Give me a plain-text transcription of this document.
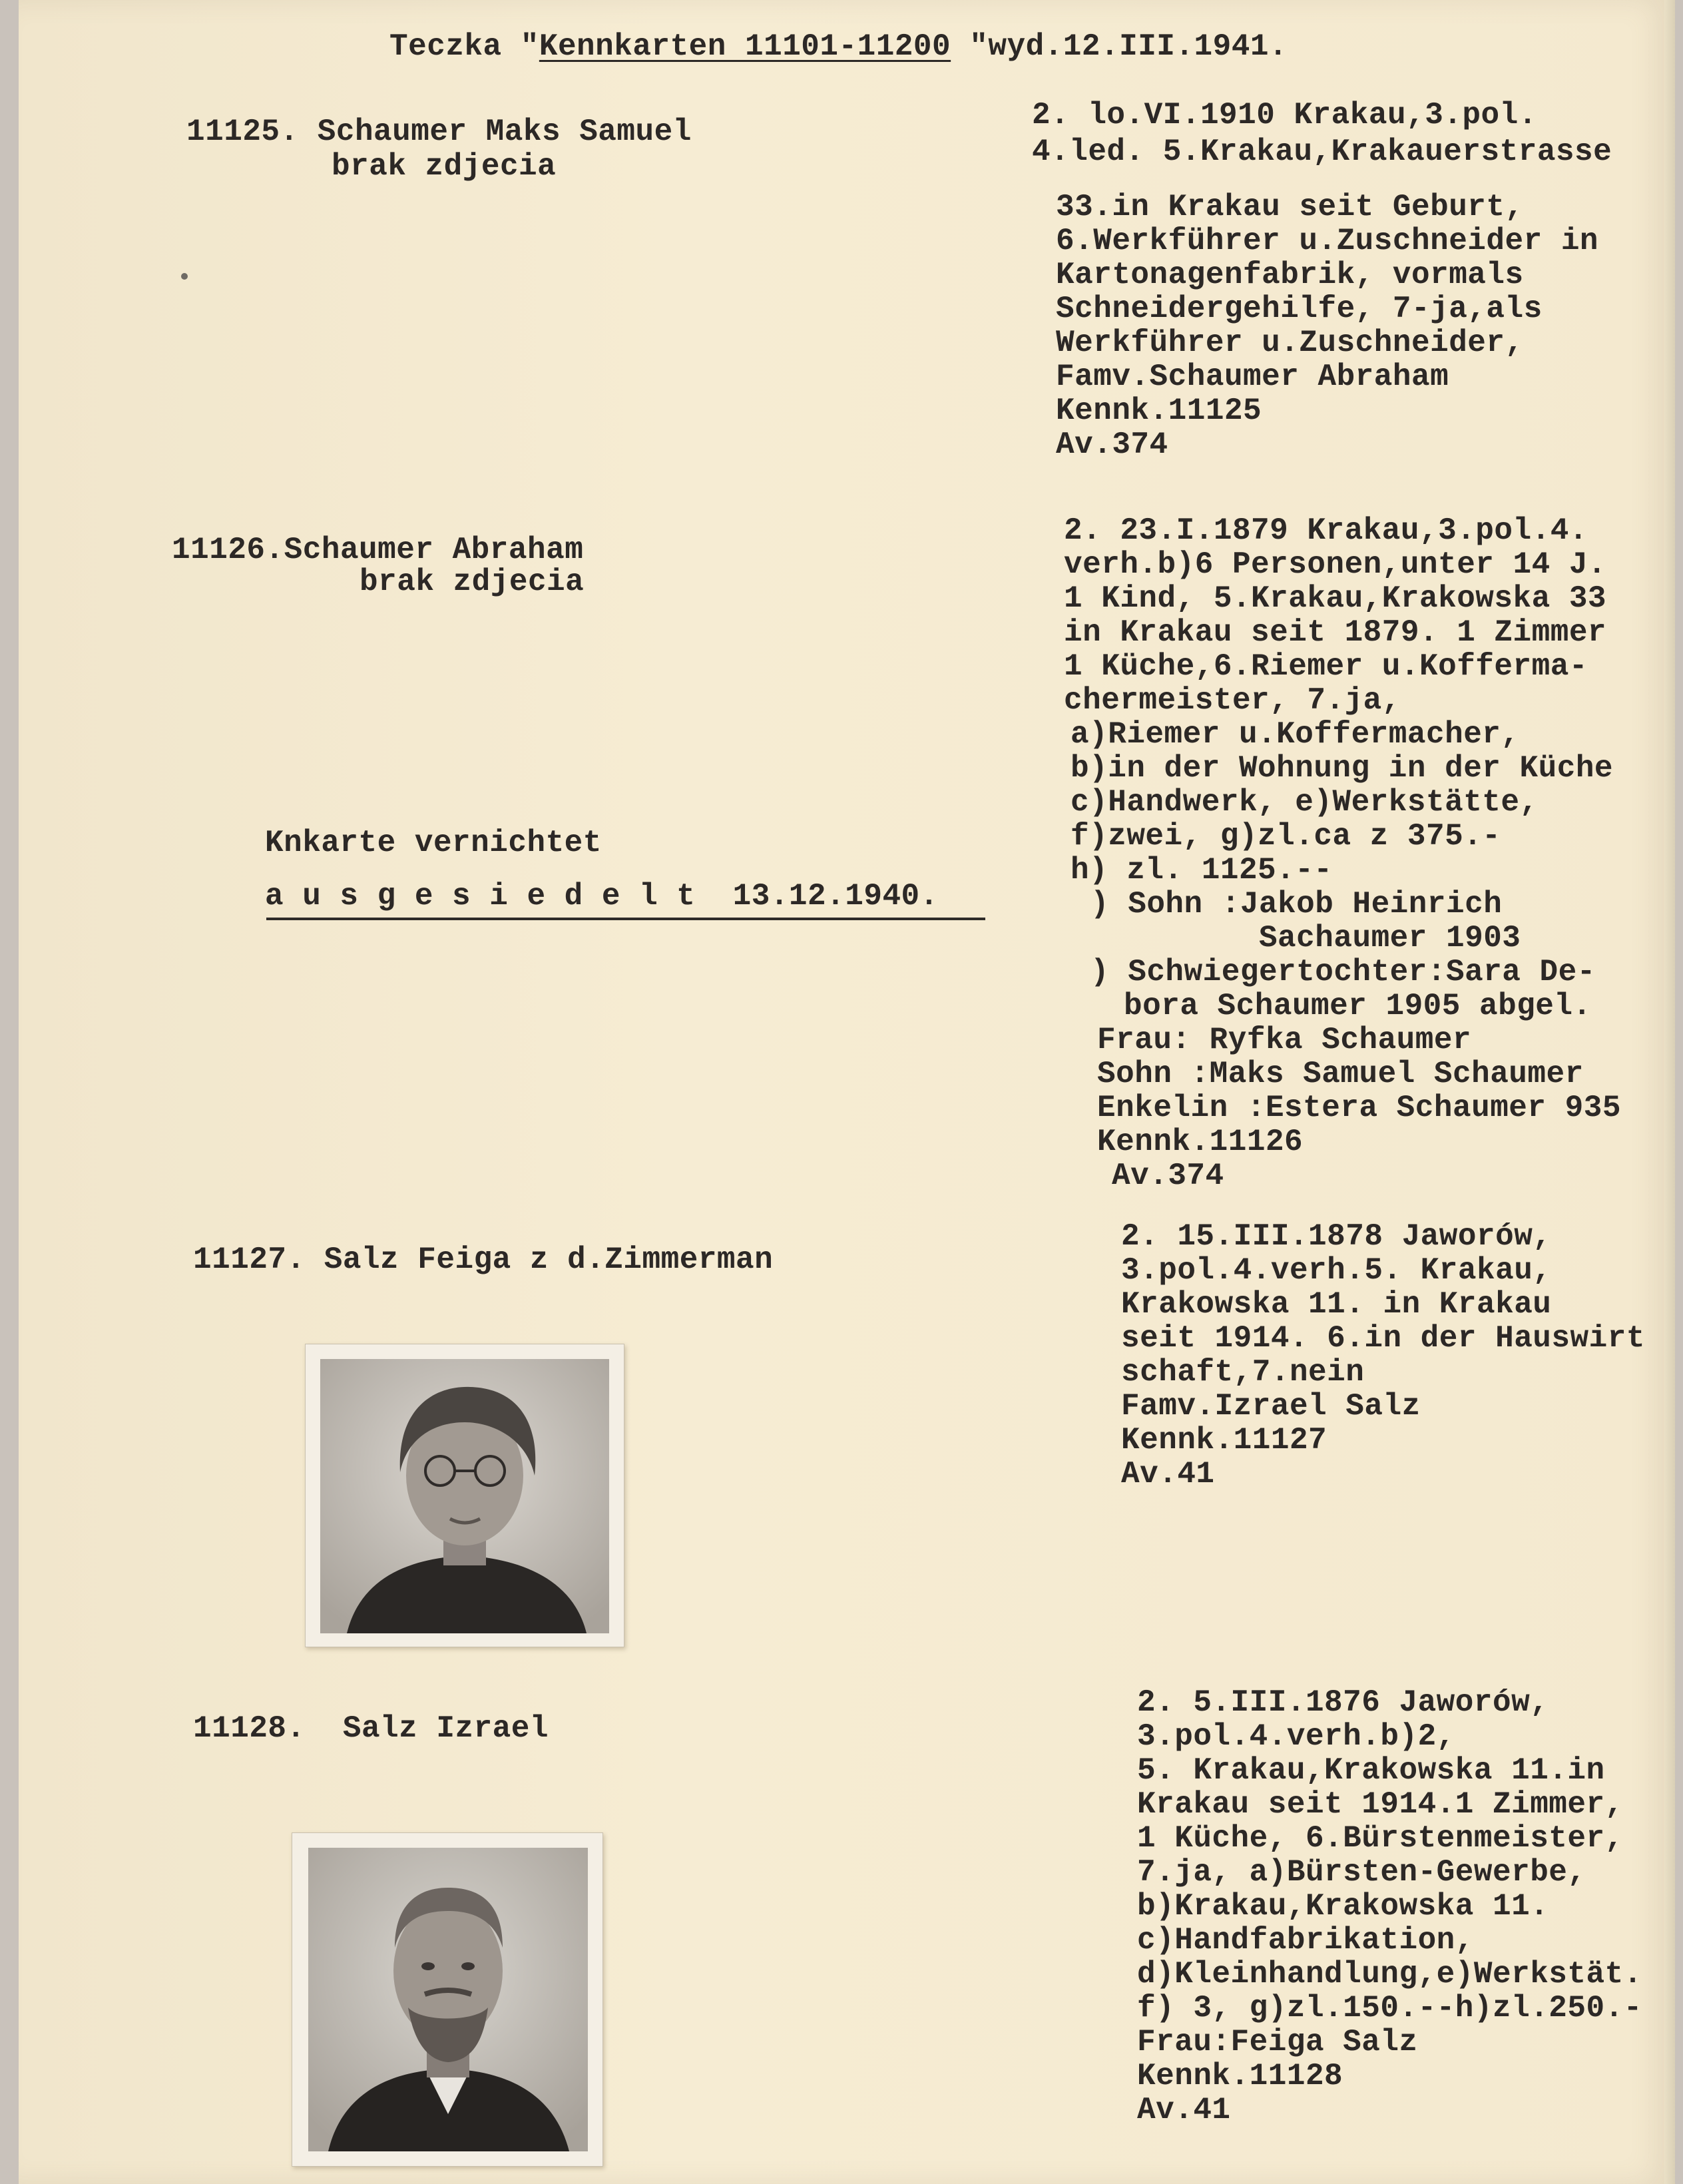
Teczka "Kennkarten 11101-11200 "wyd.12.III.1941.
11125. Schaumer Maks Samuel
brak zdjecia
2. lo.VI.1910 Krakau,3.pol.
4.led. 5.Krakau,Krakauerstrasse
33.in Krakau seit Geburt,
6.Werkführer u.Zuschneider in
Kartonagenfabrik, vormals
Schneidergehilfe, 7-ja,als
Werkführer u.Zuschneider,
Famv.Schaumer Abraham
Kennk.11125
Av.374
11126.Schaumer Abraham
brak zdjecia
Knkarte vernichtet
a u s g e s i e d e l t  13.12.1940.
2. 23.I.1879 Krakau,3.pol.4.
verh.b)6 Personen,unter 14 J.
1 Kind, 5.Krakau,Krakowska 33
in Krakau seit 1879. 1 Zimmer
1 Küche,6.Riemer u.Kofferma-
chermeister, 7.ja,
a)Riemer u.Koffermacher,
b)in der Wohnung in der Küche
c)Handwerk, e)Werkstätte,
f)zwei, g)zl.ca z 375.-
h) zl. 1125.--
) Sohn :Jakob Heinrich
Sachaumer 1903
) Schwiegertochter:Sara De-
bora Schaumer 1905 abgel.
Frau: Ryfka Schaumer
Sohn :Maks Samuel Schaumer
Enkelin :Estera Schaumer 935
Kennk.11126
Av.374
11127. Salz Feiga z d.Zimmerman
2. 15.III.1878 Jaworów,
3.pol.4.verh.5. Krakau,
Krakowska 11. in Krakau
seit 1914. 6.in der Hauswirt
schaft,7.nein
Famv.Izrael Salz
Kennk.11127
Av.41
11128.  Salz Izrael
2. 5.III.1876 Jaworów,
3.pol.4.verh.b)2,
5. Krakau,Krakowska 11.in
Krakau seit 1914.1 Zimmer,
1 Küche, 6.Bürstenmeister,
7.ja, a)Bürsten-Gewerbe,
b)Krakau,Krakowska 11.
c)Handfabrikation,
d)Kleinhandlung,e)Werkstät.
f) 3, g)zl.150.--h)zl.250.-
Frau:Feiga Salz
Kennk.11128
Av.41
